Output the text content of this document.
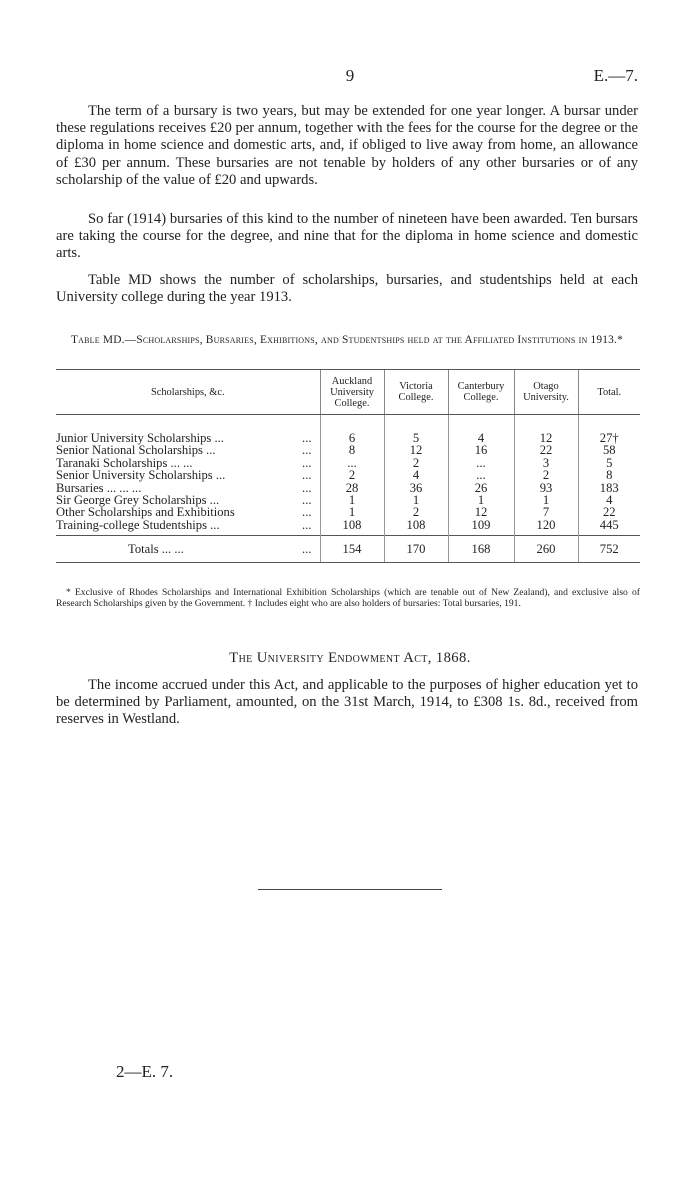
9	E.—7.

The term of a bursary is two years, but may be extended for one year longer. A bursar under these regulations receives £20 per annum, together with the fees for the course for the degree or the diploma in home science and domestic arts, and, if obliged to live away from home, an allowance of £30 per annum. These bursaries are not tenable by holders of any other bursaries or of any scholarship of the value of £20 and upwards.

So far (1914) bursaries of this kind to the number of nineteen have been awarded. Ten bursars are taking the course for the degree, and nine that for the diploma in home science and domestic arts.

Table MD shows the number of scholarships, bursaries, and studentships held at each University college during the year 1913.

Table MD.—Scholarships, Bursaries, Exhibitions, and Studentships held at the Affiliated Institutions in 1913.*

Scholarships, &c.		Auckland University College.	Victoria College.	Canterbury College.	Otago University.	Total.

Junior University Scholarships ...	...	6	5	4	12	27†
Senior National Scholarships ...	...	8	12	16	22	58
Taranaki Scholarships ... ...	...	...	2	...	3	5
Senior University Scholarships ...	...	2	4	...	2	8
Bursaries ... ... ...	...	28	36	26	93	183
Sir George Grey Scholarships ...	...	1	1	1	1	4
Other Scholarships and Exhibitions	...	1	2	12	7	22
Training-college Studentships ...	...	108	108	109	120	445

Totals ... ...	...	154	170	168	260	752

* Exclusive of Rhodes Scholarships and International Exhibition Scholarships (which are tenable out of New Zealand), and exclusive also of Research Scholarships given by the Government. † Includes eight who are also holders of bursaries: Total bursaries, 191.

The University Endowment Act, 1868.

The income accrued under this Act, and applicable to the purposes of higher education yet to be determined by Parliament, amounted, on the 31st March, 1914, to £308 1s. 8d., received from reserves in Westland.

2—E. 7.
